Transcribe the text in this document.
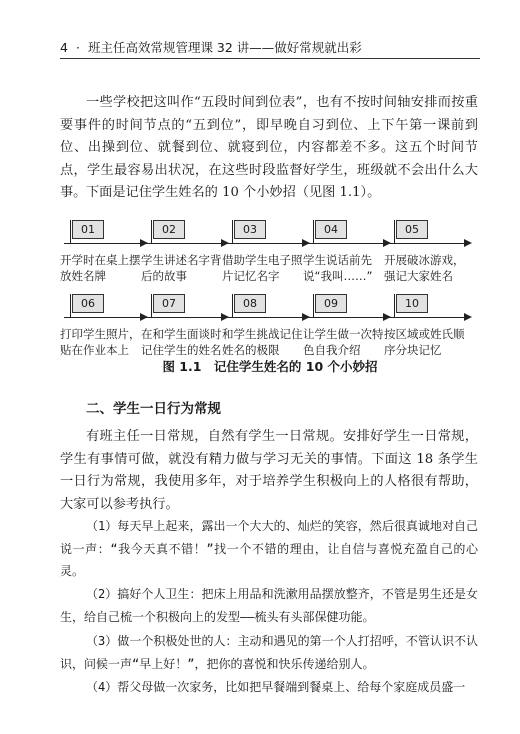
4 · 班主任高效常规管理课 32 讲——做好常规就出彩

一些学校把这叫作“五段时间到位表”，也有不按时间轴安排而按重要事件的时间节点的“五到位”，即早晚自习到位、上下午第一课前到位、出操到位、就餐到位、就寝到位，内容都差不多。这五个时间节点，学生最容易出状况，在这些时段监督好学生，班级就不会出什么大事。 下面是记住学生姓名的 10 个小妙招（见图 1.1）。

01
开学时在桌上摆放姓名牌
02
学生讲述名字背后的故事
03
借助学生电子照片记忆名字
04
学生说话前先说“我叫……”
05
开展破冰游戏，强记大家姓名
06
打印学生照片，贴在作业本上
07
在和学生面谈时记住学生的姓名
08
和学生挑战记住姓名的极限
09
让学生做一次特色自我介绍
10
按区域或姓氏顺序分块记忆
图 1.1　记住学生姓名的 10 个小妙招
二、学生一日行为常规

有班主任一日常规，自然有学生一日常规。安排好学生一日常规，学生有事情可做，就没有精力做与学习无关的事情。下面这 18 条学生一日行为常规，我使用多年，对于培养学生积极向上的人格很有帮助，大家可以参考执行。

（1）每天早上起来，露出一个大大的、灿烂的笑容，然后很真诚地对自己说一声：“我今天真不错！”找一个不错的理由，让自信与喜悦充盈自己的心灵。

（2）搞好个人卫生：把床上用品和洗漱用品摆放整齐，不管是男生还是女生，给自己梳一个积极向上的发型——梳头有头部保健功能。

（3）做一个积极处世的人：主动和遇见的第一个人打招呼，不管认识不认识，问候一声“早上好！”，把你的喜悦和快乐传递给别人。

（4）帮父母做一次家务，比如把早餐端到餐桌上、给每个家庭成员盛一
